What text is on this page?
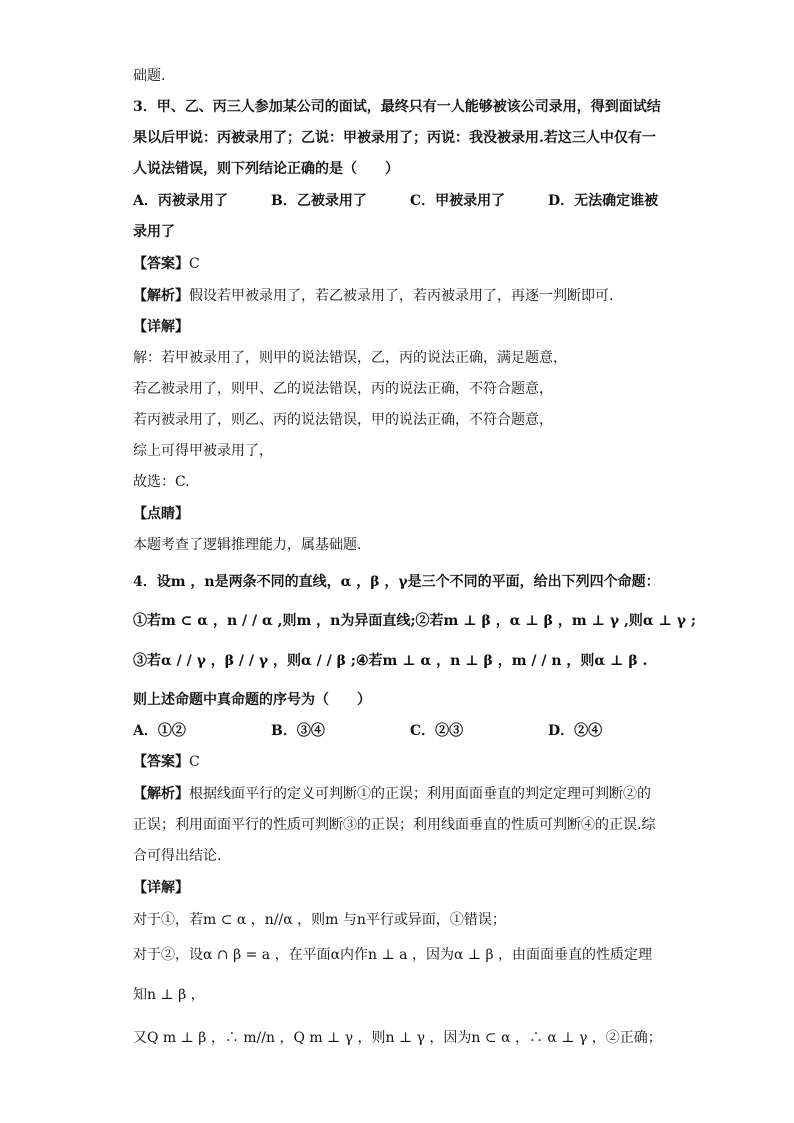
础题．
3．甲、乙、丙三人参加某公司的面试，最终只有一人能够被该公司录用，得到面试结
果以后甲说：丙被录用了；乙说：甲被录用了；丙说：我没被录用.若这三人中仅有一
人说法错误，则下列结论正确的是（　　）
A．丙被录用了	B．乙被录用了	C．甲被录用了	D．无法确定谁被
录用了
【答案】C
【解析】假设若甲被录用了，若乙被录用了，若丙被录用了，再逐一判断即可.
【详解】
解：若甲被录用了，则甲的说法错误，乙，丙的说法正确，满足题意，
若乙被录用了，则甲、乙的说法错误，丙的说法正确，不符合题意，
若丙被录用了，则乙、丙的说法错误，甲的说法正确，不符合题意，
综上可得甲被录用了，
故选：C.
【点睛】
本题考查了逻辑推理能力，属基础题.
4．设m ，n是两条不同的直线，α ，β ，γ是三个不同的平面，给出下列四个命题：
①若m ⊂ α ，n / / α ,则m ，n为异面直线;②若m ⊥ β ，α ⊥ β ，m ⊥ γ ,则α ⊥ γ ;
③若α / / γ ，β / / γ ，则α / / β ;④若m ⊥ α ，n ⊥ β ，m / / n ，则α ⊥ β .
则上述命题中真命题的序号为（　　）
A．①②	B．③④	C．②③	D．②④
【答案】C
【解析】根据线面平行的定义可判断①的正误；利用面面垂直的判定定理可判断②的
正误；利用面面平行的性质可判断③的正误；利用线面垂直的性质可判断④的正误.综
合可得出结论.
【详解】
对于①，若m ⊂ α ，n//α ，则m 与n平行或异面，①错误；
对于②，设α ∩ β = a ，在平面α内作n ⊥ a ，因为α ⊥ β ，由面面垂直的性质定理
知n ⊥ β ，
又Q m ⊥ β ，∴ m//n ，Q m ⊥ γ ，则n ⊥ γ ，因为n ⊂ α ，∴ α ⊥ γ ，②正确；
